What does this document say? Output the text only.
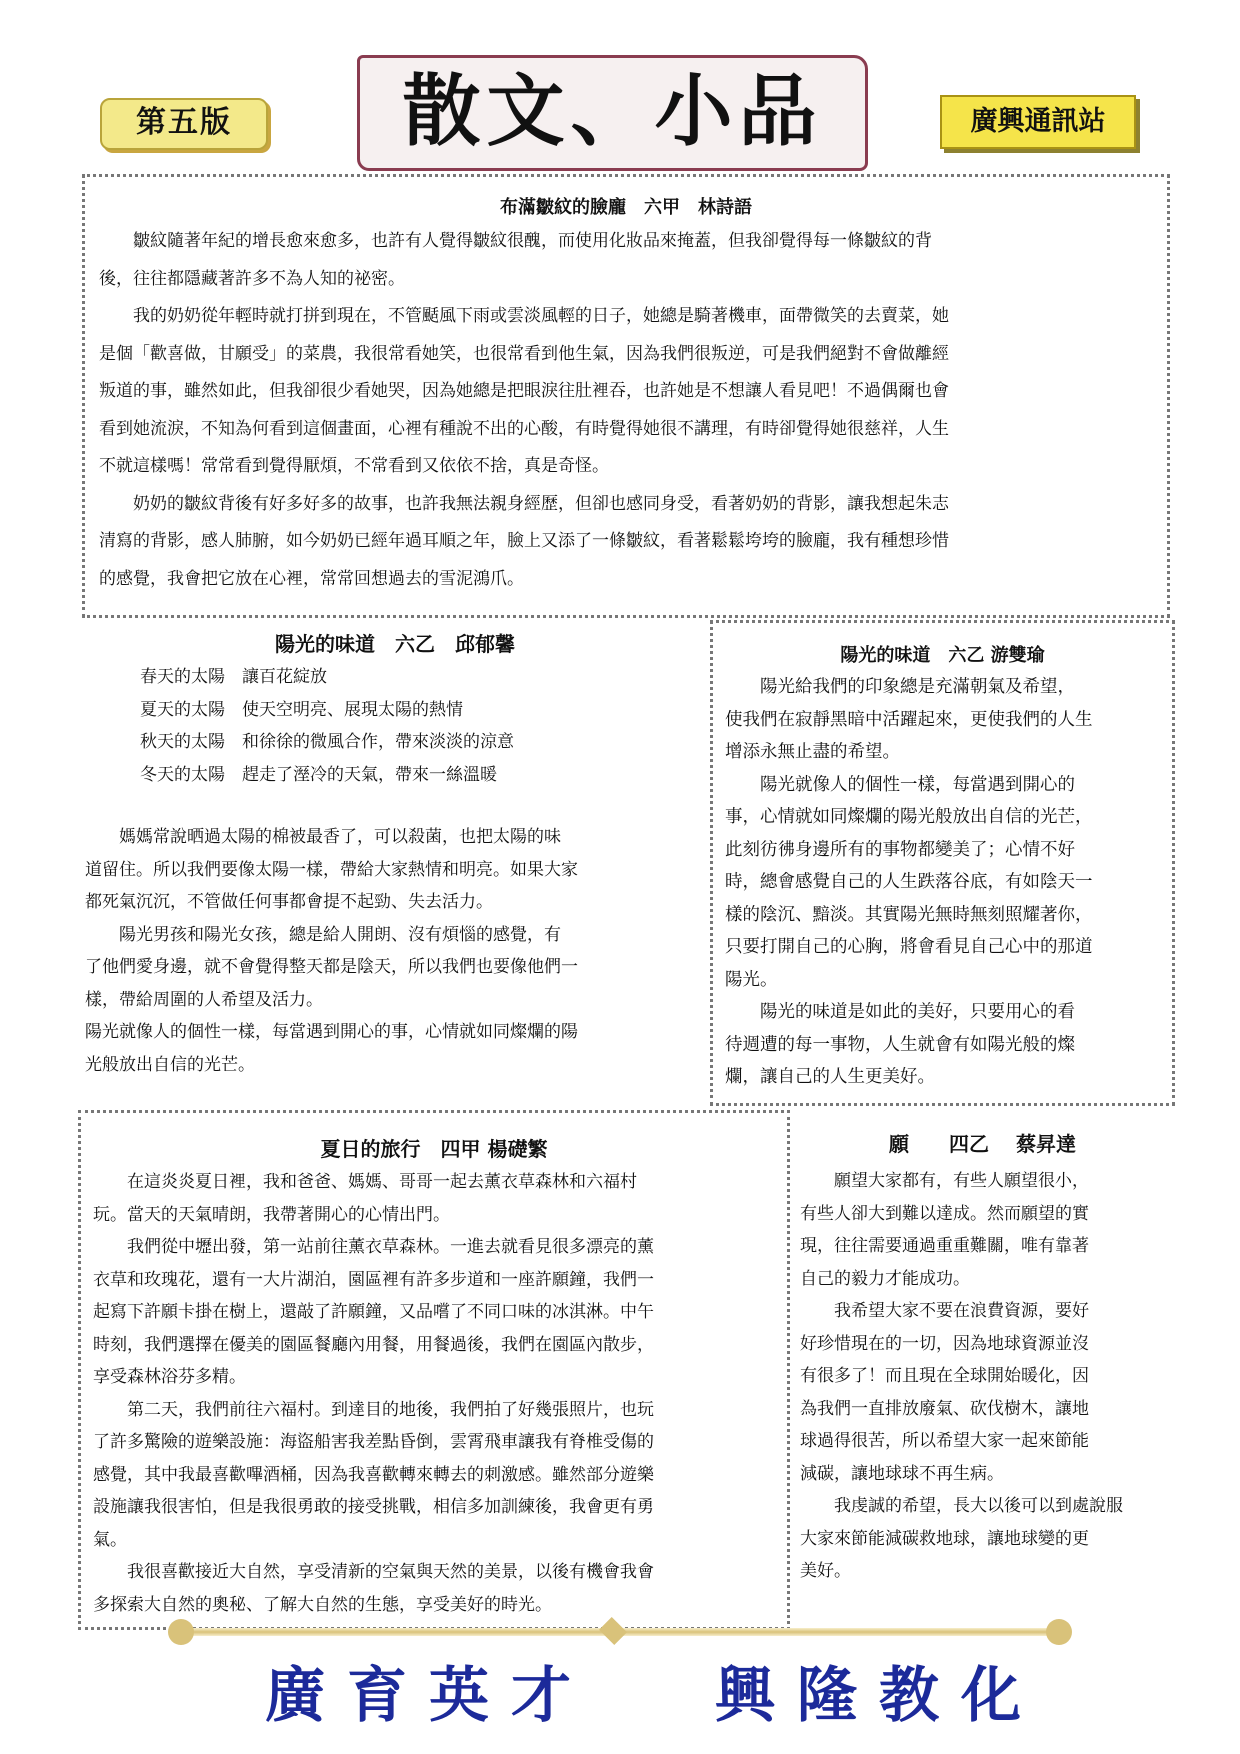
第五版	散文、小品	廣興通訊站
布滿皺紋的臉龐　六甲　林詩語

　　皺紋隨著年紀的增長愈來愈多，也許有人覺得皺紋很醜，而使用化妝品來掩蓋，但我卻覺得每一條皺紋的背

後，往往都隱藏著許多不為人知的祕密。

　　我的奶奶從年輕時就打拼到現在，不管颳風下雨或雲淡風輕的日子，她總是騎著機車，面帶微笑的去賣菜，她

是個「歡喜做，甘願受」的菜農，我很常看她笑，也很常看到他生氣，因為我們很叛逆，可是我們絕對不會做離經

叛道的事，雖然如此，但我卻很少看她哭，因為她總是把眼淚往肚裡吞，也許她是不想讓人看見吧！不過偶爾也會

看到她流淚，不知為何看到這個畫面，心裡有種說不出的心酸，有時覺得她很不講理，有時卻覺得她很慈祥，人生

不就這樣嗎！常常看到覺得厭煩，不常看到又依依不捨，真是奇怪。

　　奶奶的皺紋背後有好多好多的故事，也許我無法親身經歷，但卻也感同身受，看著奶奶的背影，讓我想起朱志

清寫的背影，感人肺腑，如今奶奶已經年過耳順之年，臉上又添了一條皺紋，看著鬆鬆垮垮的臉龐，我有種想珍惜

的感覺，我會把它放在心裡，常常回想過去的雪泥鴻爪。

陽光的味道　六乙　邱郁馨

春天的太陽　讓百花綻放

夏天的太陽　使天空明亮、展現太陽的熱情

秋天的太陽　和徐徐的微風合作，帶來淡淡的涼意

冬天的太陽　趕走了溼冷的天氣，帶來一絲溫暖

　　媽媽常說晒過太陽的棉被最香了，可以殺菌，也把太陽的味

道留住。所以我們要像太陽一樣，帶給大家熱情和明亮。如果大家

都死氣沉沉，不管做任何事都會提不起勁、失去活力。

　　陽光男孩和陽光女孩，總是給人開朗、沒有煩惱的感覺，有

了他們愛身邊，就不會覺得整天都是陰天，所以我們也要像他們一

樣，帶給周圍的人希望及活力。

陽光就像人的個性一樣，每當遇到開心的事，心情就如同燦爛的陽

光般放出自信的光芒。

陽光的味道　六乙 游雙瑜

　　陽光給我們的印象總是充滿朝氣及希望，

使我們在寂靜黑暗中活躍起來，更使我們的人生

增添永無止盡的希望。

　　陽光就像人的個性一樣，每當遇到開心的

事，心情就如同燦爛的陽光般放出自信的光芒，

此刻彷彿身邊所有的事物都變美了；心情不好

時，總會感覺自己的人生跌落谷底，有如陰天一

樣的陰沉、黯淡。其實陽光無時無刻照耀著你，

只要打開自己的心胸，將會看見自己心中的那道

陽光。

　　陽光的味道是如此的美好，只要用心的看

待週遭的每一事物，人生就會有如陽光般的燦

爛，讓自己的人生更美好。

夏日的旅行　四甲 楊礎繁

　　在這炎炎夏日裡，我和爸爸、媽媽、哥哥一起去薰衣草森林和六福村

玩。當天的天氣晴朗，我帶著開心的心情出門。

　　我們從中壢出發，第一站前往薰衣草森林。一進去就看見很多漂亮的薰

衣草和玫瑰花，還有一大片湖泊，園區裡有許多步道和一座許願鐘，我們一

起寫下許願卡掛在樹上，還敲了許願鐘，又品嚐了不同口味的冰淇淋。中午

時刻，我們選擇在優美的園區餐廳內用餐，用餐過後，我們在園區內散步，

享受森林浴芬多精。

　　第二天，我們前往六福村。到達目的地後，我們拍了好幾張照片，也玩

了許多驚險的遊樂設施：海盜船害我差點昏倒，雲霄飛車讓我有脊椎受傷的

感覺，其中我最喜歡嗶酒桶，因為我喜歡轉來轉去的刺激感。雖然部分遊樂

設施讓我很害怕，但是我很勇敢的接受挑戰，相信多加訓練後，我會更有勇

氣。

　　我很喜歡接近大自然，享受清新的空氣與天然的美景，以後有機會我會

多探索大自然的奧秘、了解大自然的生態，享受美好的時光。

願　　四乙　 蔡昇達

　　願望大家都有，有些人願望很小，

有些人卻大到難以達成。然而願望的實

現，往往需要通過重重難關，唯有靠著

自己的毅力才能成功。

　　我希望大家不要在浪費資源，要好

好珍惜現在的一切，因為地球資源並沒

有很多了！而且現在全球開始暖化，因

為我們一直排放廢氣、砍伐樹木，讓地

球過得很苦，所以希望大家一起來節能

減碳，讓地球球不再生病。

　　我虔誠的希望，長大以後可以到處說服

大家來節能減碳救地球，讓地球變的更

美好。

廣育英才 興隆教化
